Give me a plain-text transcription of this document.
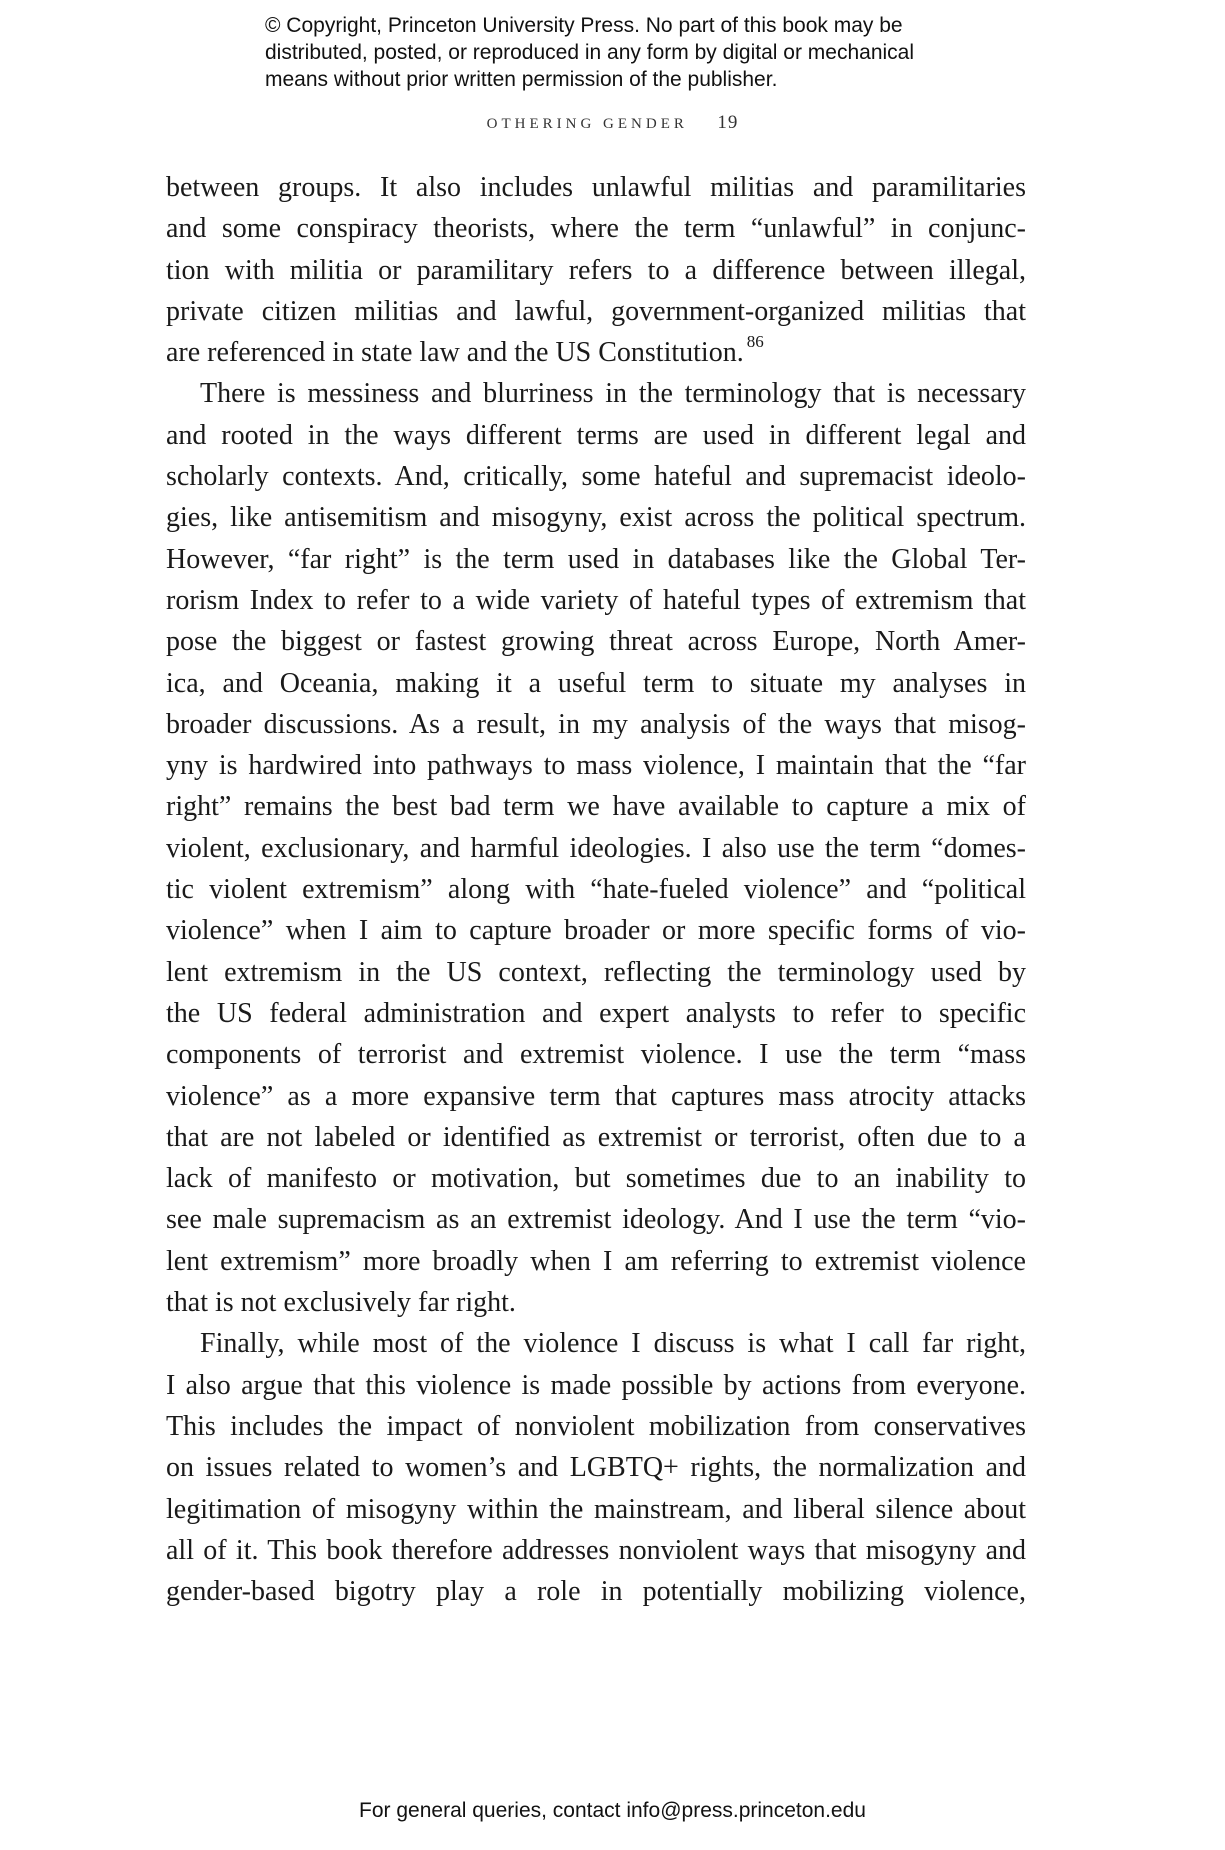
© Copyright, Princeton University Press. No part of this book may be
distributed, posted, or reproduced in any form by digital or mechanical
means without prior written permission of the publisher.
OTHERING GENDER 19
between groups. It also includes unlawful militias and paramilitaries
and some conspiracy theorists, where the term “unlawful” in conjunc-
tion with militia or paramilitary refers to a difference between illegal,
private citizen militias and lawful, government-organized militias that
are referenced in state law and the US Constitution. $^{86}$
There is messiness and blurriness in the terminology that is necessary
and rooted in the ways different terms are used in different legal and
scholarly contexts. And, critically, some hateful and supremacist ideolo-
gies, like antisemitism and misogyny, exist across the political spectrum.
However, “far right” is the term used in databases like the Global Ter-
rorism Index to refer to a wide variety of hateful types of extremism that
pose the biggest or fastest growing threat across Europe, North Amer-
ica, and Oceania, making it a useful term to situate my analyses in
broader discussions. As a result, in my analysis of the ways that misog-
yny is hardwired into pathways to mass violence, I maintain that the “far
right” remains the best bad term we have available to capture a mix of
violent, exclusionary, and harmful ideologies. I also use the term “domes-
tic violent extremism” along with “hate-fueled violence” and “political
violence” when I aim to capture broader or more specific forms of vio-
lent extremism in the US context, reflecting the terminology used by
the US federal administration and expert analysts to refer to specific
components of terrorist and extremist violence. I use the term “mass
violence” as a more expansive term that captures mass atrocity attacks
that are not labeled or identified as extremist or terrorist, often due to a
lack of manifesto or motivation, but sometimes due to an inability to
see male supremacism as an extremist ideology. And I use the term “vio-
lent extremism” more broadly when I am referring to extremist violence
that is not exclusively far right.
Finally, while most of the violence I discuss is what I call far right,
I also argue that this violence is made possible by actions from everyone.
This includes the impact of nonviolent mobilization from conservatives
on issues related to women’s and LGBTQ+ rights, the normalization and
legitimation of misogyny within the mainstream, and liberal silence about
all of it. This book therefore addresses nonviolent ways that misogyny and
gender-based bigotry play a role in potentially mobilizing violence,
For general queries, contact info@press.princeton.edu
